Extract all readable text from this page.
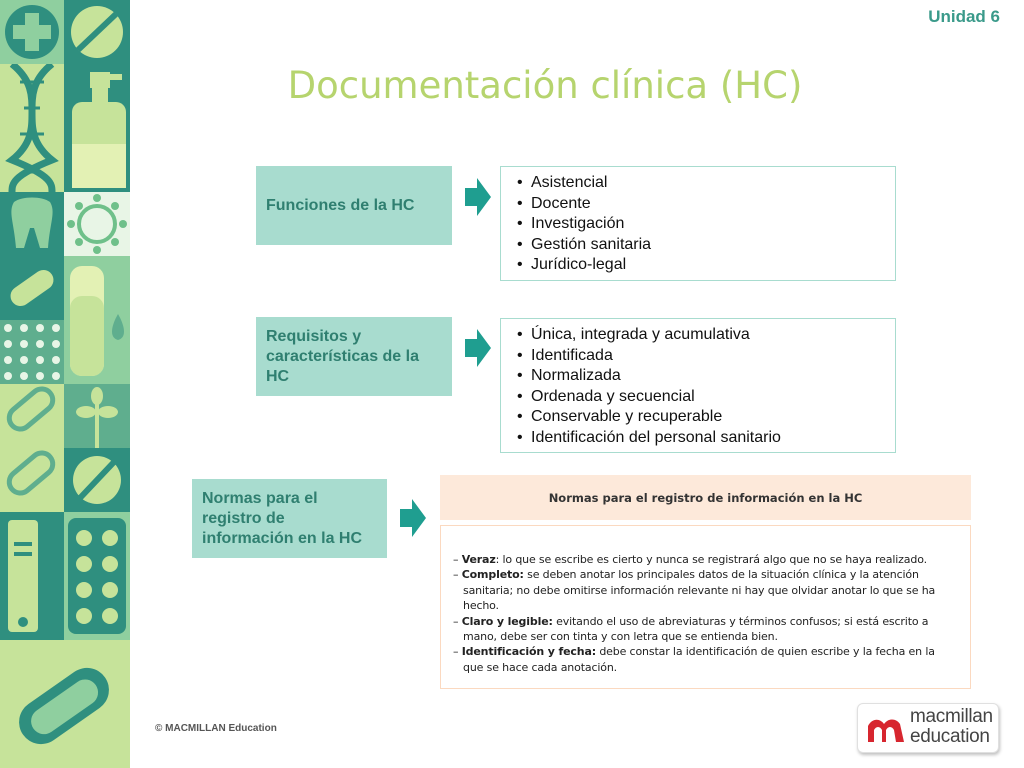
Unidad 6
Documentación clínica (HC)
Funciones de la HC
• Asistencial
• Docente
• Investigación
• Gestión sanitaria
• Jurídico-legal
Requisitos y características de la HC
• Única, integrada y acumulativa
• Identificada
• Normalizada
• Ordenada y secuencial
• Conservable y recuperable
• Identificación del personal sanitario
Normas para el registro de información en la HC
Normas para el registro de información en la HC

– Veraz: lo que se escribe es cierto y nunca se registrará algo que no se haya realizado.

– Completo: se deben anotar los principales datos de la situación clínica y la atención sanitaria; no debe omitirse información relevante ni hay que olvidar anotar lo que se ha hecho.

– Claro y legible: evitando el uso de abreviaturas y términos confusos; si está escrito a mano, debe ser con tinta y con letra que se entienda bien.

– Identificación y fecha: debe constar la identificación de quien escribe y la fecha en la que se hace cada anotación.

© MACMILLAN Education
macmillan
education
